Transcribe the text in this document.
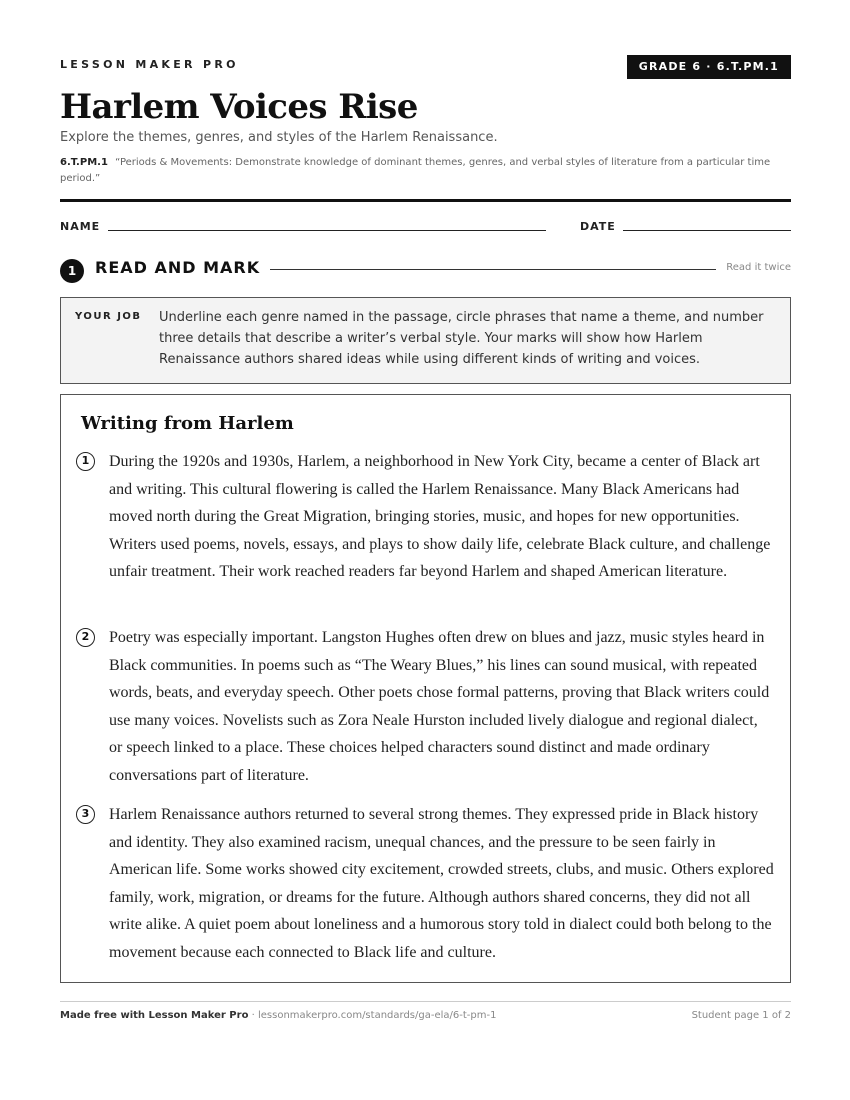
LESSON MAKER PRO	GRADE 6 · 6.T.PM.1
Harlem Voices Rise
Explore the themes, genres, and styles of the Harlem Renaissance.
6.T.PM.1 “Periods & Movements: Demonstrate knowledge of dominant themes, genres, and verbal styles of literature from a particular time period.”
NAME	DATE
1	READ AND MARK	Read it twice
YOUR JOB Underline each genre named in the passage, circle phrases that name a theme, and number three details that describe a writer’s verbal style. Your marks will show how Harlem Renaissance authors shared ideas while using different kinds of writing and voices.
Writing from Harlem
1	During the 1920s and 1930s, Harlem, a neighborhood in New York City, became a center of Black art and writing. This cultural flowering is called the Harlem Renaissance. Many Black Americans had moved north during the Great Migration, bringing stories, music, and hopes for new opportunities. Writers used poems, novels, essays, and plays to show daily life, celebrate Black culture, and challenge unfair treatment. Their work reached readers far beyond Harlem and shaped American literature.
2	Poetry was especially important. Langston Hughes often drew on blues and jazz, music styles heard in Black communities. In poems such as “The Weary Blues,” his lines can sound musical, with repeated words, beats, and everyday speech. Other poets chose formal patterns, proving that Black writers could use many voices. Novelists such as Zora Neale Hurston included lively dialogue and regional dialect, or speech linked to a place. These choices helped characters sound distinct and made ordinary conversations part of literature.
3	Harlem Renaissance authors returned to several strong themes. They expressed pride in Black history and identity. They also examined racism, unequal chances, and the pressure to be seen fairly in American life. Some works showed city excitement, crowded streets, clubs, and music. Others explored family, work, migration, or dreams for the future. Although authors shared concerns, they did not all write alike. A quiet poem about loneliness and a humorous story told in dialect could both belong to the movement because each connected to Black life and culture.
Made free with Lesson Maker Pro · lessonmakerpro.com/standards/ga-ela/6-t-pm-1	Student page 1 of 2
